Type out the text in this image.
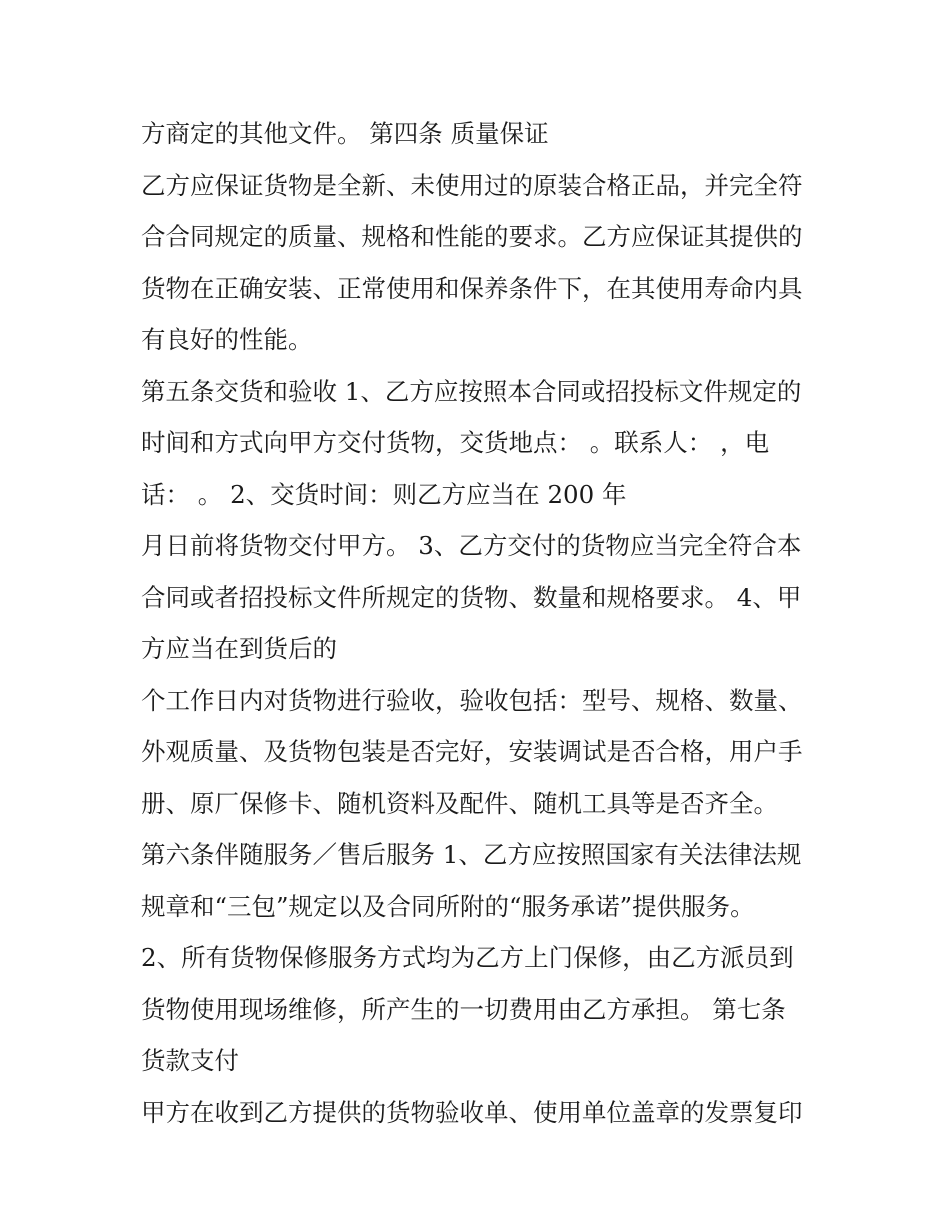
方商定的其他文件。 第四条 质量保证

乙方应保证货物是全新、未使用过的原装合格正品，并完全符

合合同规定的质量、规格和性能的要求。乙方应保证其提供的

货物在正确安装、正常使用和保养条件下，在其使用寿命内具

有良好的性能。

第五条交货和验收 1、乙方应按照本合同或招投标文件规定的

时间和方式向甲方交付货物，交货地点： 。联系人： ，电

话： 。 2、交货时间：则乙方应当在 200 年

月日前将货物交付甲方。 3、乙方交付的货物应当完全符合本

合同或者招投标文件所规定的货物、数量和规格要求。 4、甲

方应当在到货后的

个工作日内对货物进行验收，验收包括：型号、规格、数量、

外观质量、及货物包装是否完好，安装调试是否合格，用户手

册、原厂保修卡、随机资料及配件、随机工具等是否齐全。

第六条伴随服务／售后服务 1、乙方应按照国家有关法律法规

规章和“三包”规定以及合同所附的“服务承诺”提供服务。

2、所有货物保修服务方式均为乙方上门保修，由乙方派员到

货物使用现场维修，所产生的一切费用由乙方承担。 第七条

货款支付

甲方在收到乙方提供的货物验收单、使用单位盖章的发票复印
